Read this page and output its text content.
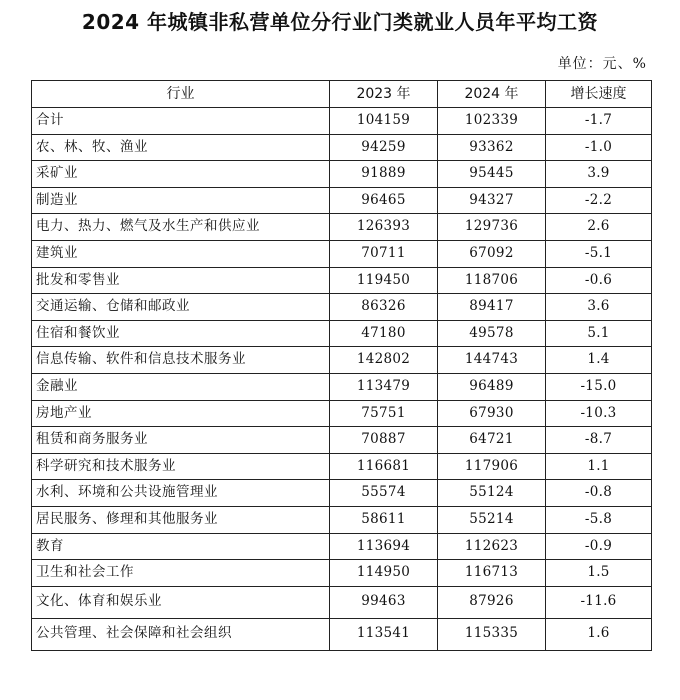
2024 年城镇非私营单位分行业门类就业人员年平均工资
单位：元、%
行业	2023 年	2024 年	增长速度
合计	104159	102339	-1.7
农、林、牧、渔业	94259	93362	-1.0
采矿业	91889	95445	3.9
制造业	96465	94327	-2.2
电力、热力、燃气及水生产和供应业	126393	129736	2.6
建筑业	70711	67092	-5.1
批发和零售业	119450	118706	-0.6
交通运输、仓储和邮政业	86326	89417	3.6
住宿和餐饮业	47180	49578	5.1
信息传输、软件和信息技术服务业	142802	144743	1.4
金融业	113479	96489	-15.0
房地产业	75751	67930	-10.3
租赁和商务服务业	70887	64721	-8.7
科学研究和技术服务业	116681	117906	1.1
水利、环境和公共设施管理业	55574	55124	-0.8
居民服务、修理和其他服务业	58611	55214	-5.8
教育	113694	112623	-0.9
卫生和社会工作	114950	116713	1.5
文化、体育和娱乐业	99463	87926	-11.6
公共管理、社会保障和社会组织	113541	115335	1.6
